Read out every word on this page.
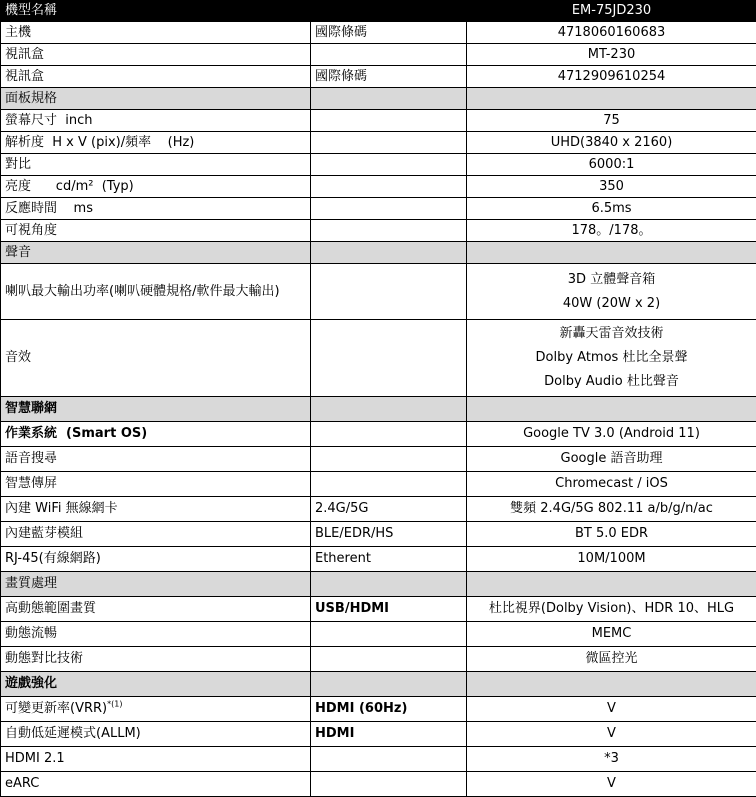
機型名稱		EM-75JD230
主機	國際條碼	4718060160683
視訊盒		MT-230
視訊盒	國際條碼	4712909610254
面板規格		
螢幕尺寸  inch		75
解析度  H x V (pix)/頻率    (Hz)		UHD(3840 x 2160)
對比		6000:1
亮度      cd/m²  (Typ)		350
反應時間    ms		6.5ms
可視角度		178。/178。
聲音		
喇叭最大輸出功率(喇叭硬體規格/軟件最大輸出)		3D 立體聲音箱
40W (20W x 2)

音效		新轟天雷音效技術
Dolby Atmos 杜比全景聲
Dolby Audio 杜比聲音

智慧聯網		
作業系統  (Smart OS)		Google TV 3.0 (Android 11)
語音搜尋		Google 語音助理
智慧傳屏		Chromecast / iOS
內建 WiFi 無線網卡	2.4G/5G	雙頻 2.4G/5G 802.11 a/b/g/n/ac
內建藍芽模組	BLE/EDR/HS	BT 5.0 EDR
RJ-45(有線網路)	Etherent	10M/100M
畫質處理		
高動態範圍畫質	USB/HDMI	杜比視界(Dolby Vision)、HDR 10、HLG
動態流暢		MEMC
動態對比技術		微區控光
遊戲強化		
可變更新率(VRR)$^{*(1)}$	HDMI (60Hz)	V
自動低延遲模式(ALLM)	HDMI	V
HDMI 2.1		*3
eARC		V
